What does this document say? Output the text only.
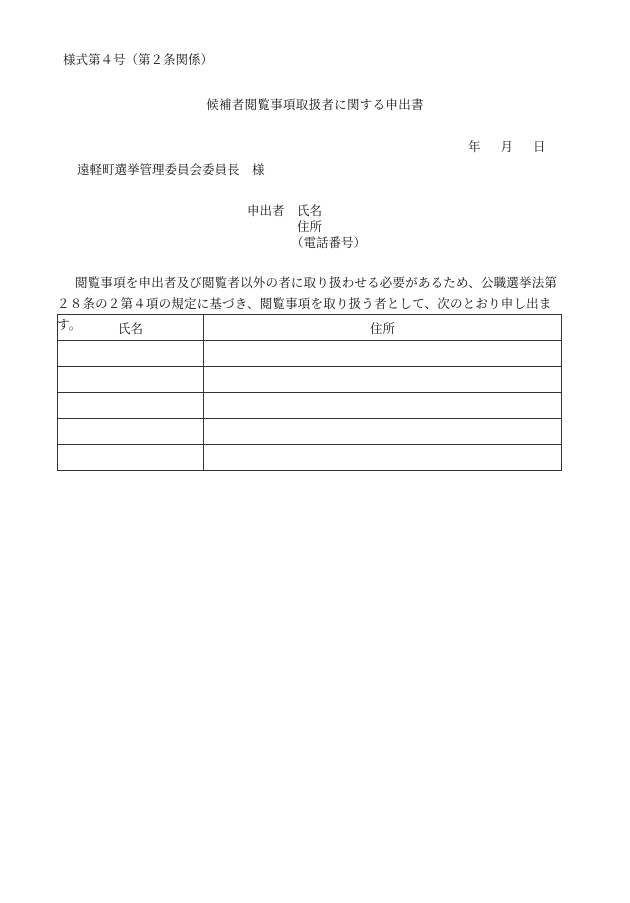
様式第４号（第２条関係）
候補者閲覧事項取扱者に関する申出書
年 月 日
遠軽町選挙管理委員会委員長　様
申出者 氏名
住所
（電話番号）
閲覧事項を申出者及び閲覧者以外の者に取り扱わせる必要があるため、公職選挙法第２８条の２第４項の規定に基づき、閲覧事項を取り扱う者として、次のとおり申し出ます。	氏名	住所
